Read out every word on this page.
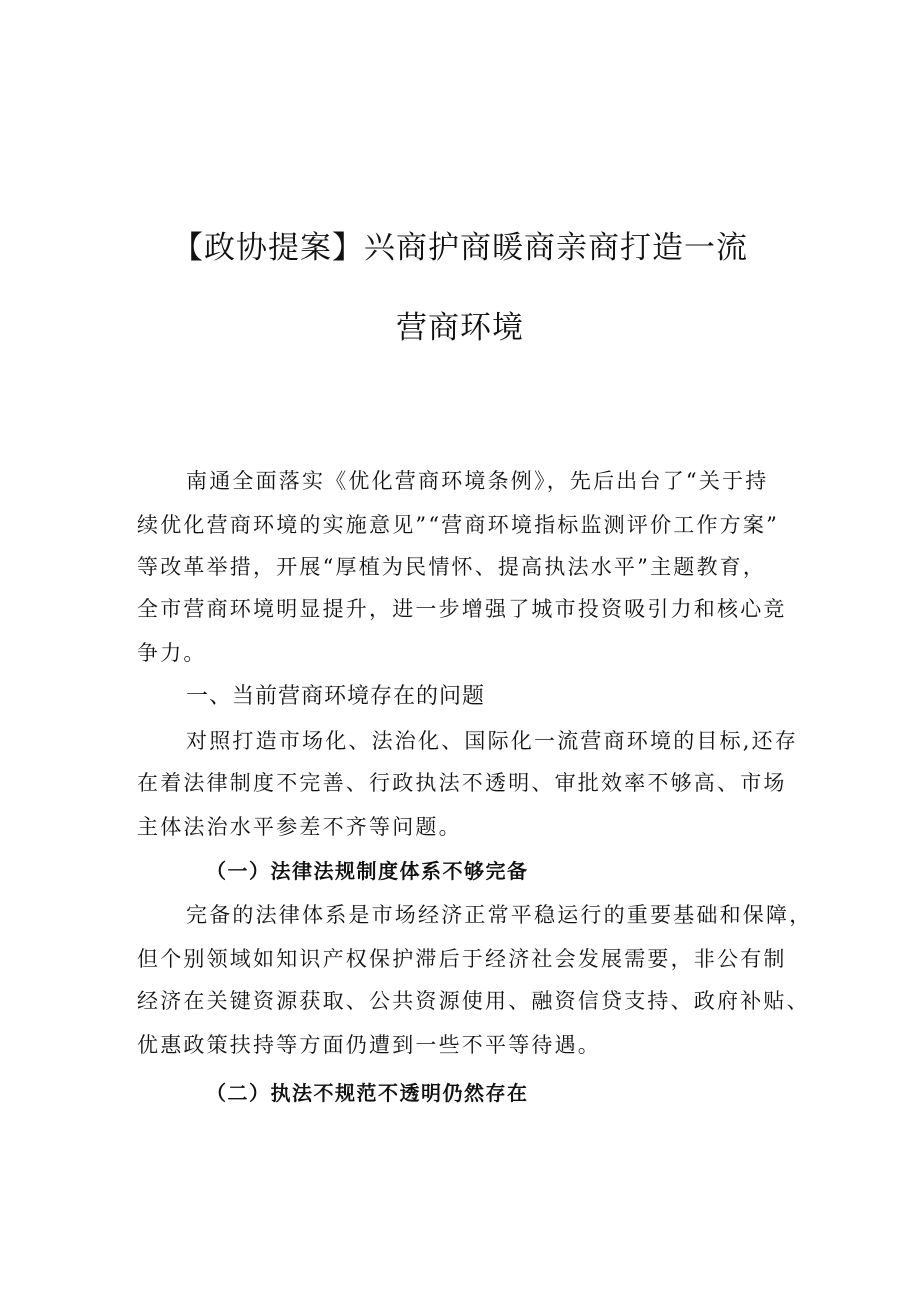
【政协提案】兴商护商暖商亲商打造一流
营商环境
南通全面落实《优化营商环境条例》，先后出台了“关于持
续优化营商环境的实施意见”“营商环境指标监测评价工作方案”
等改革举措，开展“厚植为民情怀、提高执法水平”主题教育，
全市营商环境明显提升，进一步增强了城市投资吸引力和核心竞
争力。
一、当前营商环境存在的问题
对照打造市场化、法治化、国际化一流营商环境的目标,还存
在着法律制度不完善、行政执法不透明、审批效率不够高、市场
主体法治水平参差不齐等问题。
（一）法律法规制度体系不够完备
完备的法律体系是市场经济正常平稳运行的重要基础和保障，
但个别领域如知识产权保护滞后于经济社会发展需要，非公有制
经济在关键资源获取、公共资源使用、融资信贷支持、政府补贴、
优惠政策扶持等方面仍遭到一些不平等待遇。
（二）执法不规范不透明仍然存在
